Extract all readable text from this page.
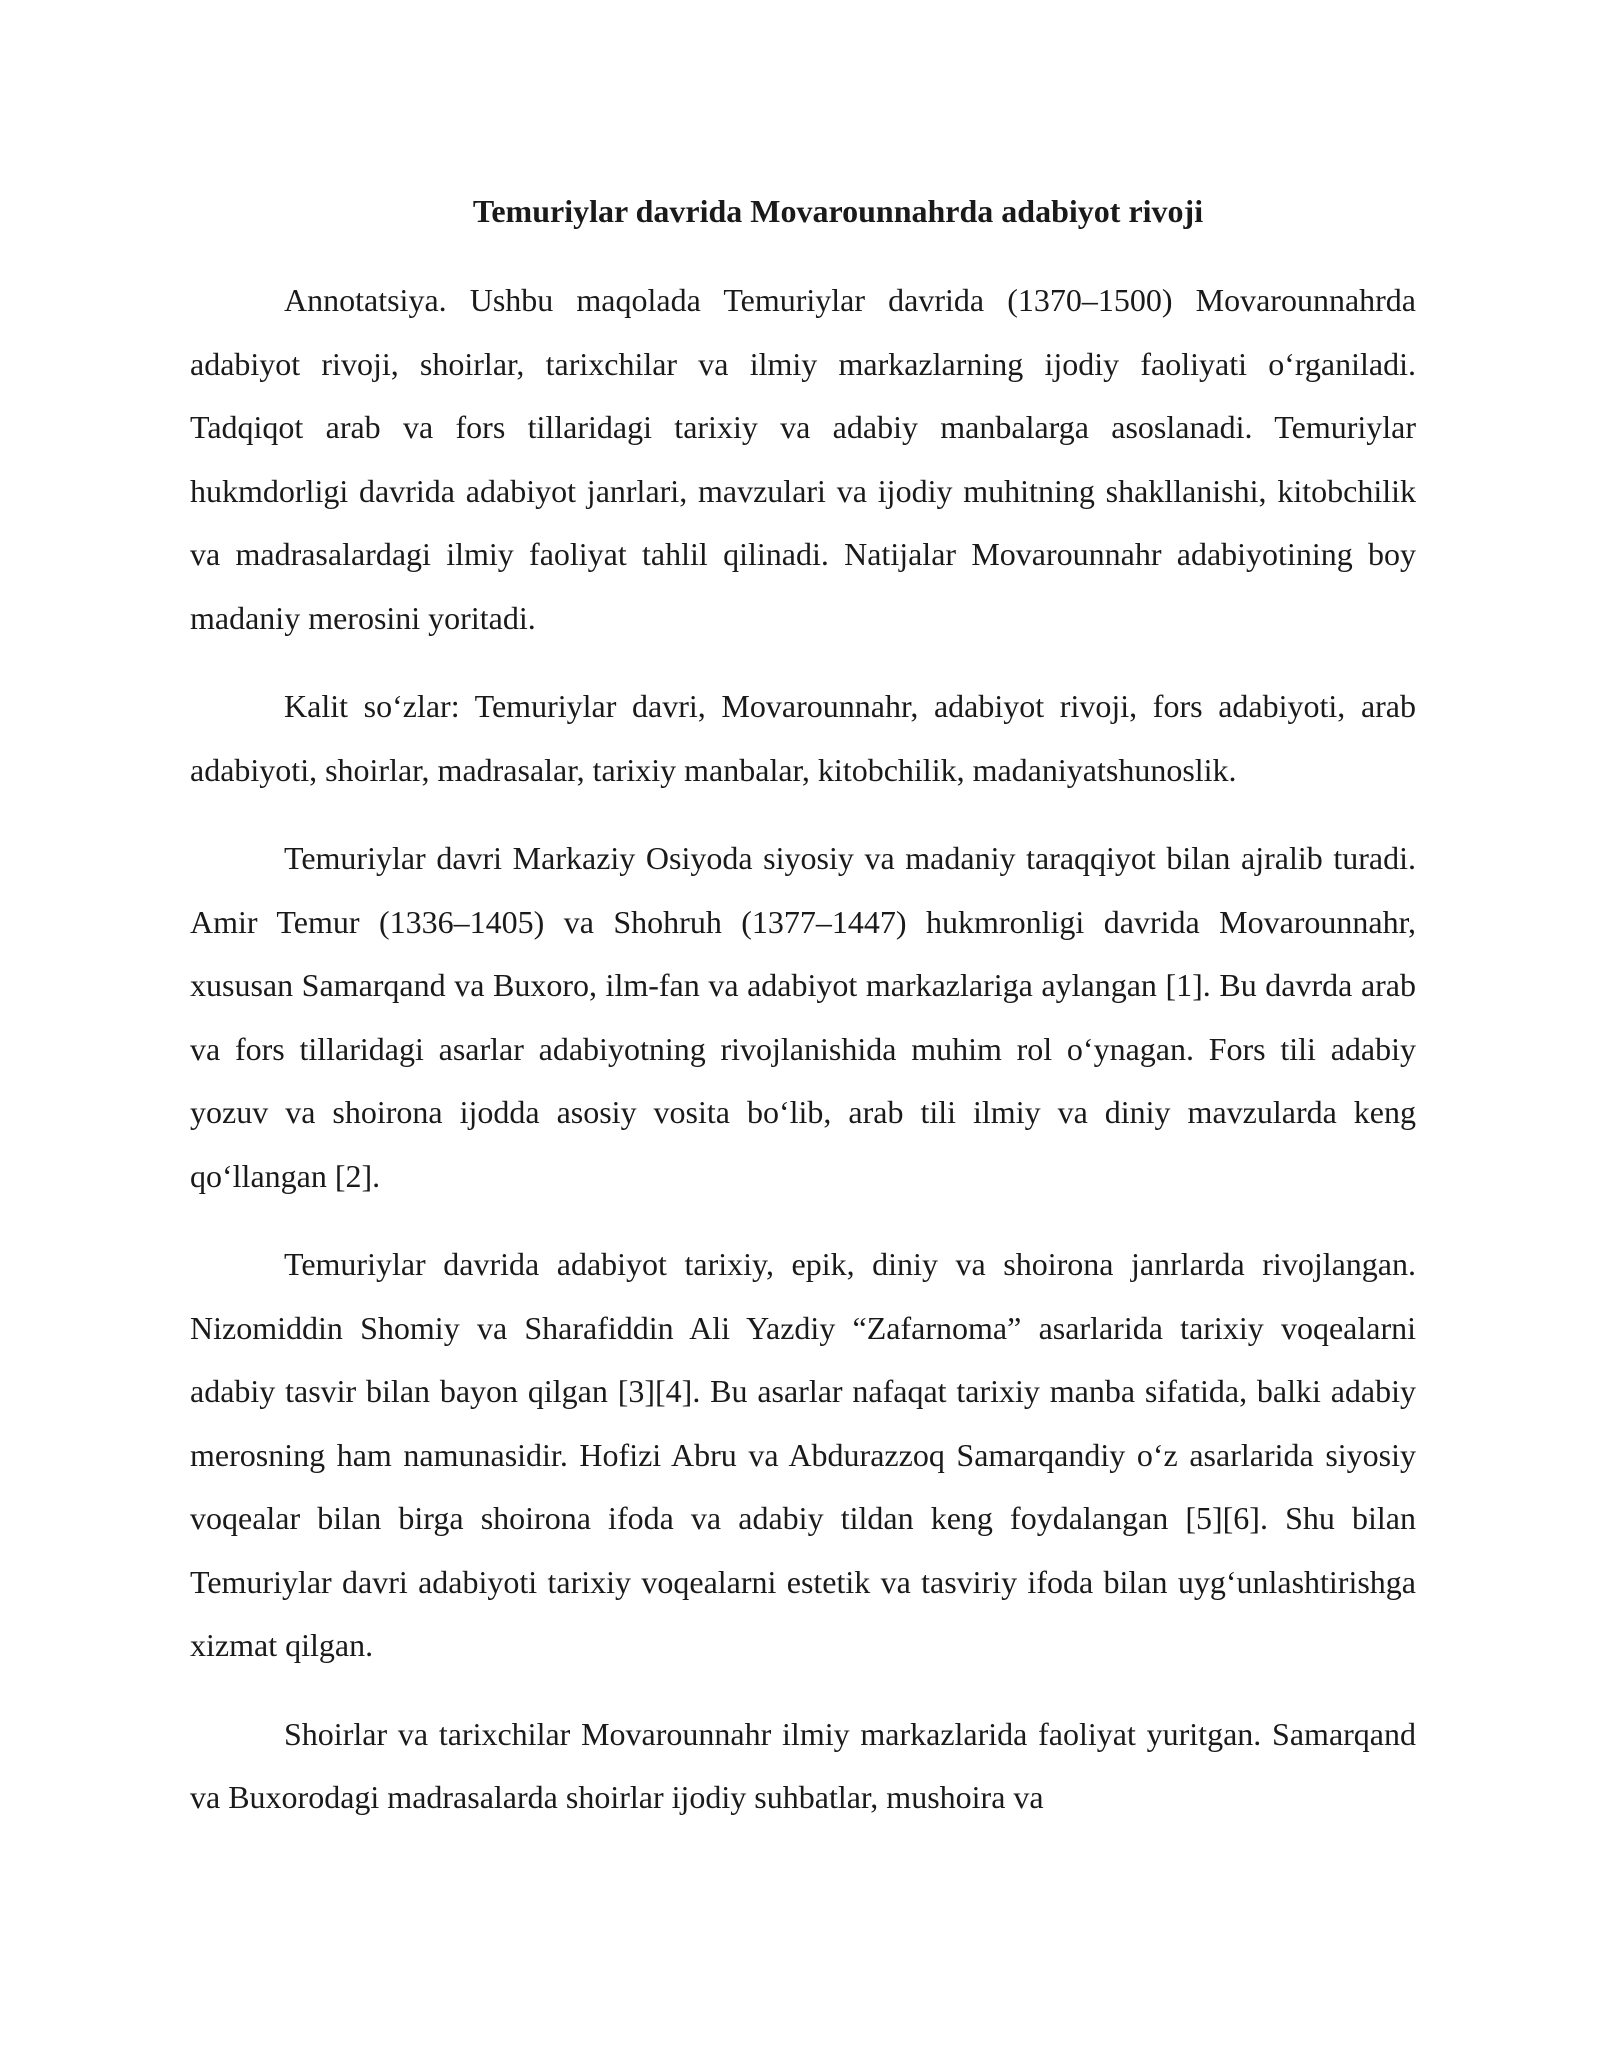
Temuriylar davrida Movarounnahrda adabiyot rivoji

Annotatsiya. Ushbu maqolada Temuriylar davrida (1370–1500) Movarounnahrda adabiyot rivoji, shoirlar, tarixchilar va ilmiy markazlarning ijodiy faoliyati o‘rganiladi. Tadqiqot arab va fors tillaridagi tarixiy va adabiy manbalarga asoslanadi. Temuriylar hukmdorligi davrida adabiyot janrlari, mavzulari va ijodiy muhitning shakllanishi, kitobchilik va madrasalardagi ilmiy faoliyat tahlil qilinadi. Natijalar Movarounnahr adabiyotining boy madaniy merosini yoritadi.

Kalit so‘zlar: Temuriylar davri, Movarounnahr, adabiyot rivoji, fors adabiyoti, arab adabiyoti, shoirlar, madrasalar, tarixiy manbalar, kitobchilik, madaniyatshunoslik.

Temuriylar davri Markaziy Osiyoda siyosiy va madaniy taraqqiyot bilan ajralib turadi. Amir Temur (1336–1405) va Shohruh (1377–1447) hukmronligi davrida Movarounnahr, xususan Samarqand va Buxoro, ilm-fan va adabiyot markazlariga aylangan [1]. Bu davrda arab va fors tillaridagi asarlar adabiyotning rivojlanishida muhim rol o‘ynagan. Fors tili adabiy yozuv va shoirona ijodda asosiy vosita bo‘lib, arab tili ilmiy va diniy mavzularda keng qo‘llangan [2].

Temuriylar davrida adabiyot tarixiy, epik, diniy va shoirona janrlarda rivojlangan. Nizomiddin Shomiy va Sharafiddin Ali Yazdiy “Zafarnoma” asarlarida tarixiy voqealarni adabiy tasvir bilan bayon qilgan [3][4]. Bu asarlar nafaqat tarixiy manba sifatida, balki adabiy merosning ham namunasidir. Hofizi Abru va Abdurazzoq Samarqandiy o‘z asarlarida siyosiy voqealar bilan birga shoirona ifoda va adabiy tildan keng foydalangan [5][6]. Shu bilan Temuriylar davri adabiyoti tarixiy voqealarni estetik va tasviriy ifoda bilan uyg‘unlashtirishga xizmat qilgan.

Shoirlar va tarixchilar Movarounnahr ilmiy markazlarida faoliyat yuritgan. Samarqand va Buxorodagi madrasalarda shoirlar ijodiy suhbatlar, mushoira va
